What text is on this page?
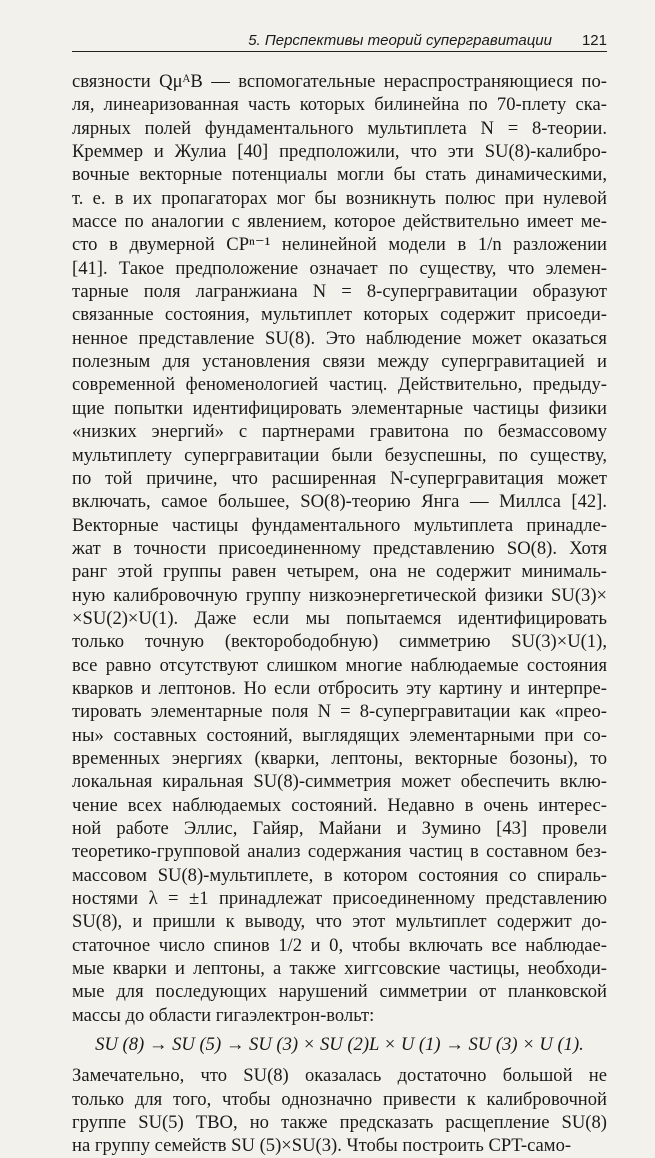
5. Перспективы теорий супергравитации 121
связности QμᴬB — вспомогательные нераспространяющиеся по-
ля, линеаризованная часть которых билинейна по 70-плету ска-
лярных полей фундаментального мультиплета N = 8-теории.
Креммер и Жулиа [40] предположили, что эти SU(8)-калибро-
вочные векторные потенциалы могли бы стать динамическими,
т. е. в их пропагаторах мог бы возникнуть полюс при нулевой
массе по аналогии с явлением, которое действительно имеет ме-
сто в двумерной CPⁿ⁻¹ нелинейной модели в 1/n разложении
[41]. Такое предположение означает по существу, что элемен-
тарные поля лагранжиана N = 8-супергравитации образуют
связанные состояния, мультиплет которых содержит присоеди-
ненное представление SU(8). Это наблюдение может оказаться
полезным для установления связи между супергравитацией и
современной феноменологией частиц. Действительно, предыду-
щие попытки идентифицировать элементарные частицы физики
«низких энергий» с партнерами гравитона по безмассовому
мультиплету супергравитации были безуспешны, по существу,
по той причине, что расширенная N-супергравитация может
включать, самое большее, SO(8)-теорию Янга — Миллса [42].
Векторные частицы фундаментального мультиплета принадле-
жат в точности присоединенному представлению SO(8). Хотя
ранг этой группы равен четырем, она не содержит минималь-
ную калибровочную группу низкоэнергетической физики SU(3)×
×SU(2)×U(1). Даже если мы попытаемся идентифицировать
только точную (векторободобную) симметрию SU(3)×U(1),
все равно отсутствуют слишком многие наблюдаемые состояния
кварков и лептонов. Но если отбросить эту картину и интерпре-
тировать элементарные поля N = 8-супергравитации как «прео-
ны» составных состояний, выглядящих элементарными при со-
временных энергиях (кварки, лептоны, векторные бозоны), то
локальная киральная SU(8)-симметрия может обеспечить вклю-
чение всех наблюдаемых состояний. Недавно в очень интерес-
ной работе Эллис, Гайяр, Майани и Зумино [43] провели
теоретико-групповой анализ содержания частиц в составном без-
массовом SU(8)-мультиплете, в котором состояния со спираль-
ностями λ = ±1 принадлежат присоединенному представлению
SU(8), и пришли к выводу, что этот мультиплет содержит до-
статочное число спинов 1/2 и 0, чтобы включать все наблюдае-
мые кварки и лептоны, а также хиггсовские частицы, необходи-
мые для последующих нарушений симметрии от планковской
массы до области гигаэлектрон-вольт:
SU (8) → SU (5) → SU (3) × SU (2)L × U (1) → SU (3) × U (1).
Замечательно, что SU(8) оказалась достаточно большой не
только для того, чтобы однозначно привести к калибровочной
группе SU(5) ТВО, но также предсказать расщепление SU(8)
на группу семейств SU (5)×SU(3). Чтобы построить CPT-само-
